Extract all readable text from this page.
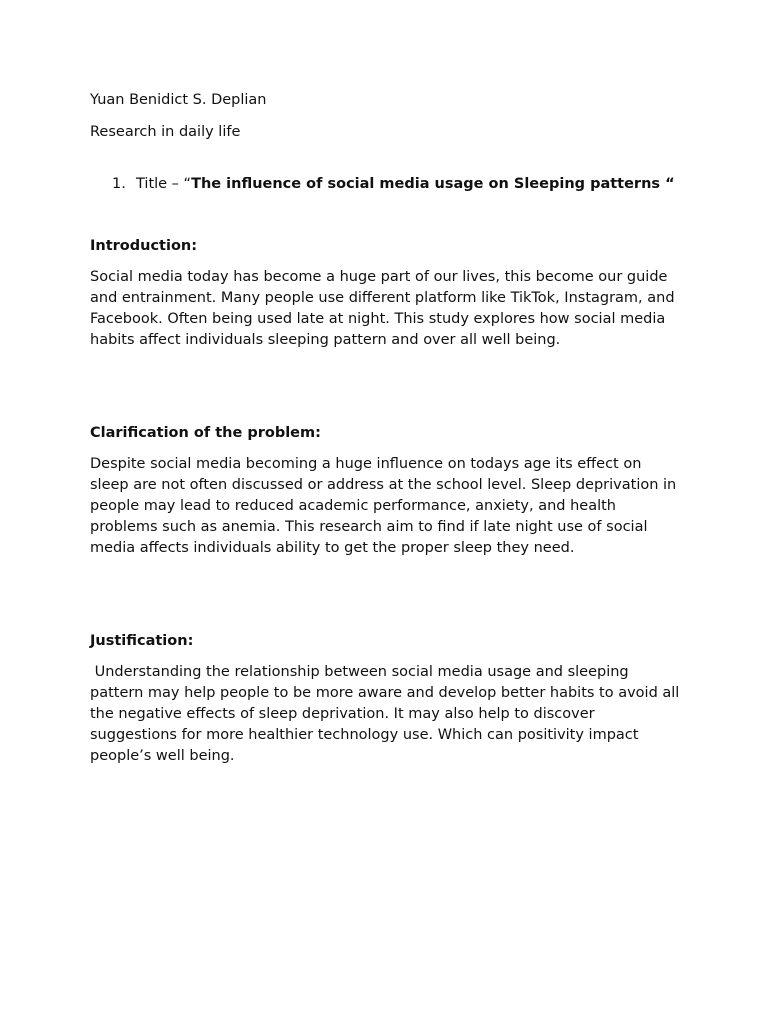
Yuan Benidict S. Deplian

Research in daily life

1. Title – “The influence of social media usage on Sleeping patterns “

Introduction:

Social media today has become a huge part of our lives, this become our guide and entrainment. Many people use different platform like TikTok, Instagram, and Facebook. Often being used late at night. This study explores how social media habits affect individuals sleeping pattern and over all well being.

Clarification of the problem:

Despite social media becoming a huge influence on todays age its effect on sleep are not often discussed or address at the school level. Sleep deprivation in people may lead to reduced academic performance, anxiety, and health problems such as anemia. This research aim to find if late night use of social media affects individuals ability to get the proper sleep they need.

Justification:

Understanding the relationship between social media usage and sleeping pattern may help people to be more aware and develop better habits to avoid all the negative effects of sleep deprivation. It may also help to discover suggestions for more healthier technology use. Which can positivity impact people’s well being.
